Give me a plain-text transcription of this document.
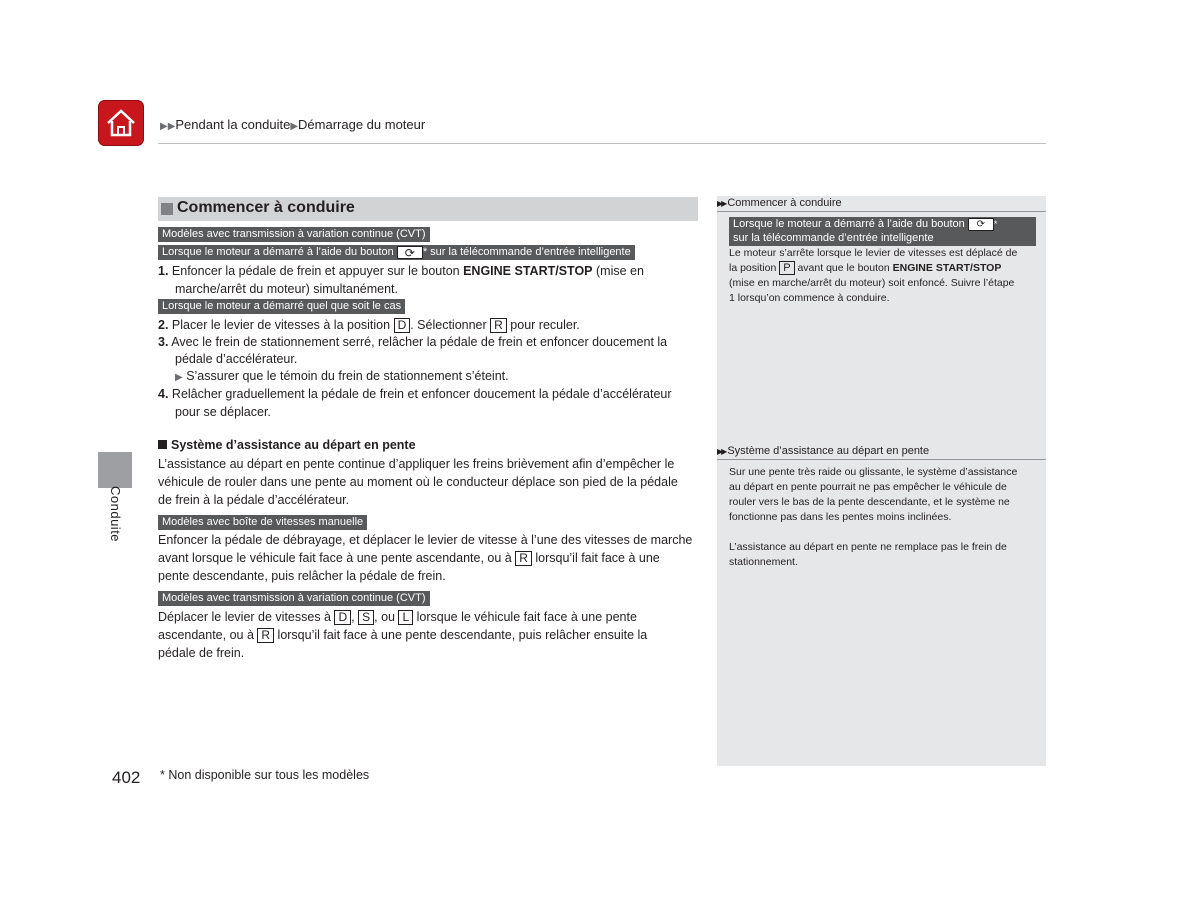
▶▶Pendant la conduite▶Démarrage du moteur
Conduite
Commencer à conduire
Modèles avec transmission à variation continue (CVT)
Lorsque le moteur a démarré à l’aide du bouton ⟳ * sur la télécommande d’entrée intelligente
1. Enfoncer la pédale de frein et appuyer sur le bouton ENGINE START/STOP (mise en
marche/arrêt du moteur) simultanément.
Lorsque le moteur a démarré quel que soit le cas
2. Placer le levier de vitesses à la position D . Sélectionner R pour reculer.
3. Avec le frein de stationnement serré, relâcher la pédale de frein et enfoncer doucement la
pédale d’accélérateur.
▶ S’assurer que le témoin du frein de stationnement s’éteint.
4. Relâcher graduellement la pédale de frein et enfoncer doucement la pédale d’accélérateur
pour se déplacer.
Système d’assistance au départ en pente
L’assistance au départ en pente continue d’appliquer les freins brièvement afin d’empêcher le
véhicule de rouler dans une pente au moment où le conducteur déplace son pied de la pédale
de frein à la pédale d’accélérateur.
Modèles avec boîte de vitesses manuelle
Enfoncer la pédale de débrayage, et déplacer le levier de vitesse à l’une des vitesses de marche
avant lorsque le véhicule fait face à une pente ascendante, ou à R lorsqu’il fait face à une
pente descendante, puis relâcher la pédale de frein.
Modèles avec transmission à variation continue (CVT)
Déplacer le levier de vitesses à D , S , ou L lorsque le véhicule fait face à une pente
ascendante, ou à R lorsqu’il fait face à une pente descendante, puis relâcher ensuite la
pédale de frein.
▶▶ Commencer à conduire
Lorsque le moteur a démarré à l’aide du bouton ⟳ *
sur la télécommande d’entrée intelligente
Le moteur s’arrête lorsque le levier de vitesses est déplacé de
la position P avant que le bouton ENGINE START/STOP
(mise en marche/arrêt du moteur) soit enfoncé. Suivre l’étape
1 lorsqu’on commence à conduire.
▶▶ Système d’assistance au départ en pente
Sur une pente très raide ou glissante, le système d’assistance
au départ en pente pourrait ne pas empêcher le véhicule de
rouler vers le bas de la pente descendante, et le système ne
fonctionne pas dans les pentes moins inclinées.
L’assistance au départ en pente ne remplace pas le frein de
stationnement.
402 * Non disponible sur tous les modèles
